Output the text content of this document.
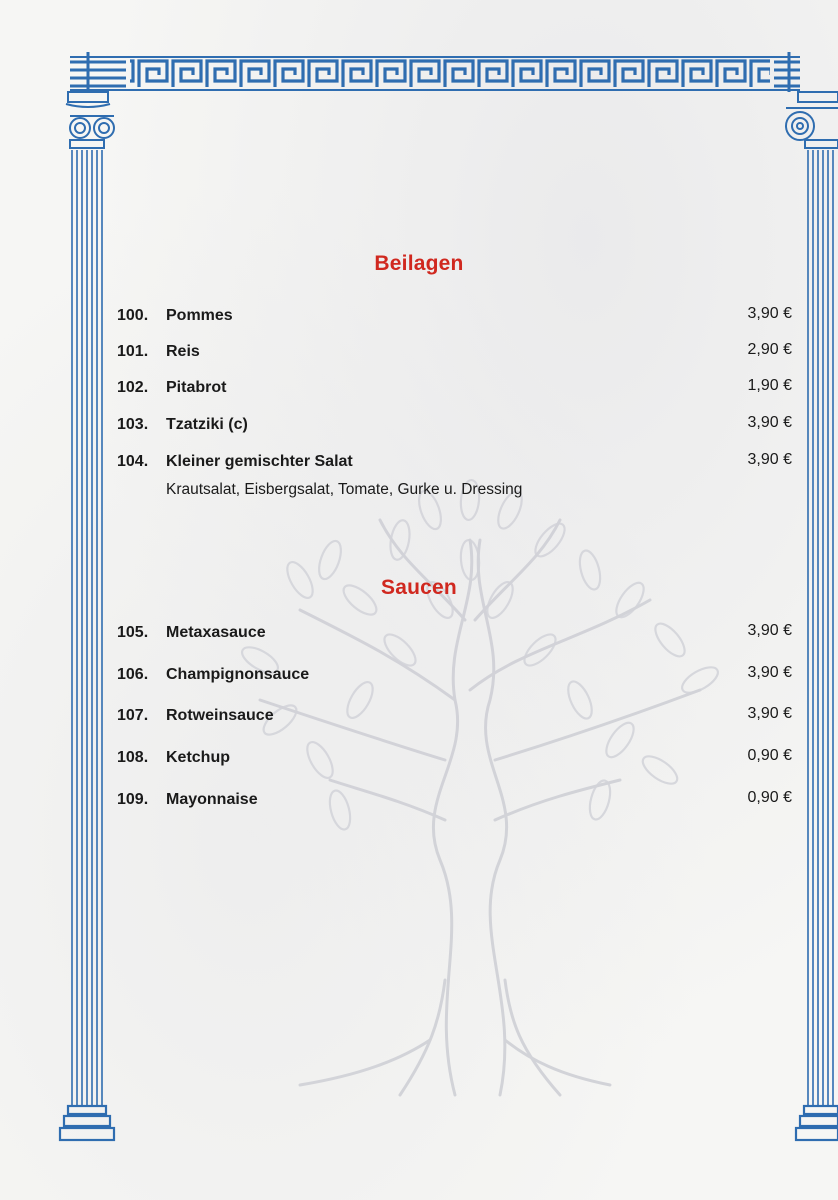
Beilagen
100. Pommes	3,90 €
101. Reis	2,90 €
102. Pitabrot	1,90 €
103. Tzatziki (c)	3,90 €
104. Kleiner gemischter Salat	3,90 €
Krautsalat, Eisbergsalat, Tomate, Gurke u. Dressing
Saucen
105. Metaxasauce	3,90 €
106. Champignonsauce	3,90 €
107. Rotweinsauce	3,90 €
108. Ketchup	0,90 €
109. Mayonnaise	0,90 €
